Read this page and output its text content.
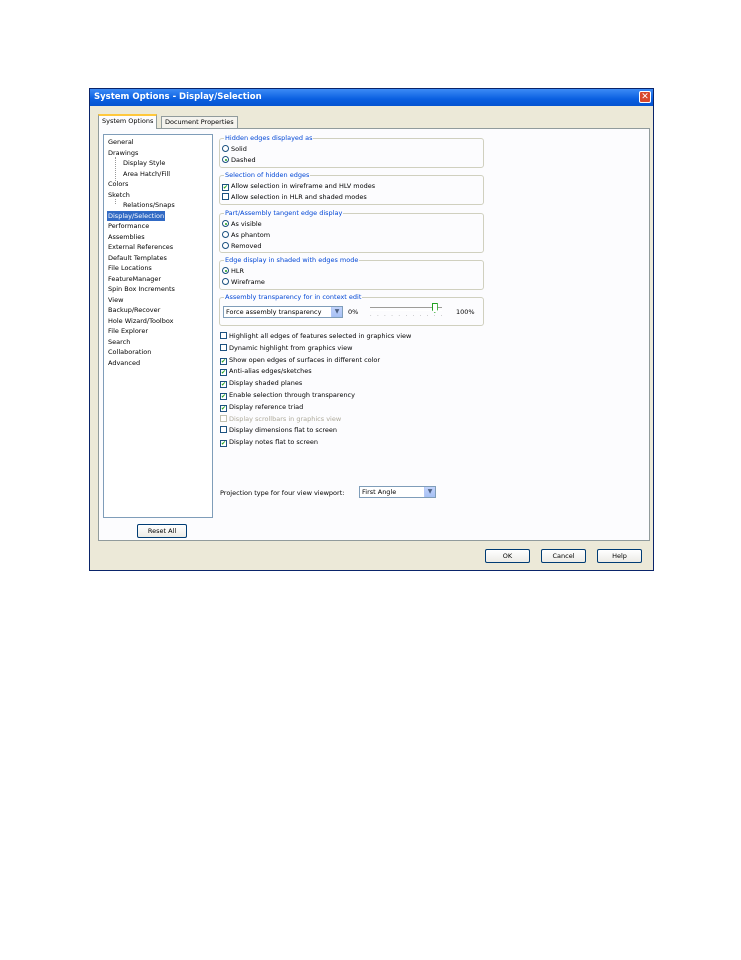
System Options - Display/Selection	✕
System Options	Document Properties
General
Drawings
Display Style
Area Hatch/Fill
Colors
Sketch
Relations/Snaps
Display/Selection
Performance
Assemblies
External References
Default Templates
File Locations
FeatureManager
Spin Box Increments
View
Backup/Recover
Hole Wizard/Toolbox
File Explorer
Search
Collaboration
Advanced
Reset All
Hidden edges displayed as
Solid
Dashed
Selection of hidden edges
✔ Allow selection in wireframe and HLV modes
Allow selection in HLR and shaded modes
Part/Assembly tangent edge display
As visible
As phantom
Removed
Edge display in shaded with edges mode
HLR
Wireframe
Assembly transparency for in context edit
Force assembly transparency	▼	0% ........... 100%
Highlight all edges of features selected in graphics view
Dynamic highlight from graphics view
✔ Show open edges of surfaces in different color
✔ Anti-alias edges/sketches
✔ Display shaded planes
✔ Enable selection through transparency
✔ Display reference triad
Display scrollbars in graphics view
Display dimensions flat to screen
✔ Display notes flat to screen
Projection type for four view viewport:	First Angle	▼
OK	Cancel	Help
